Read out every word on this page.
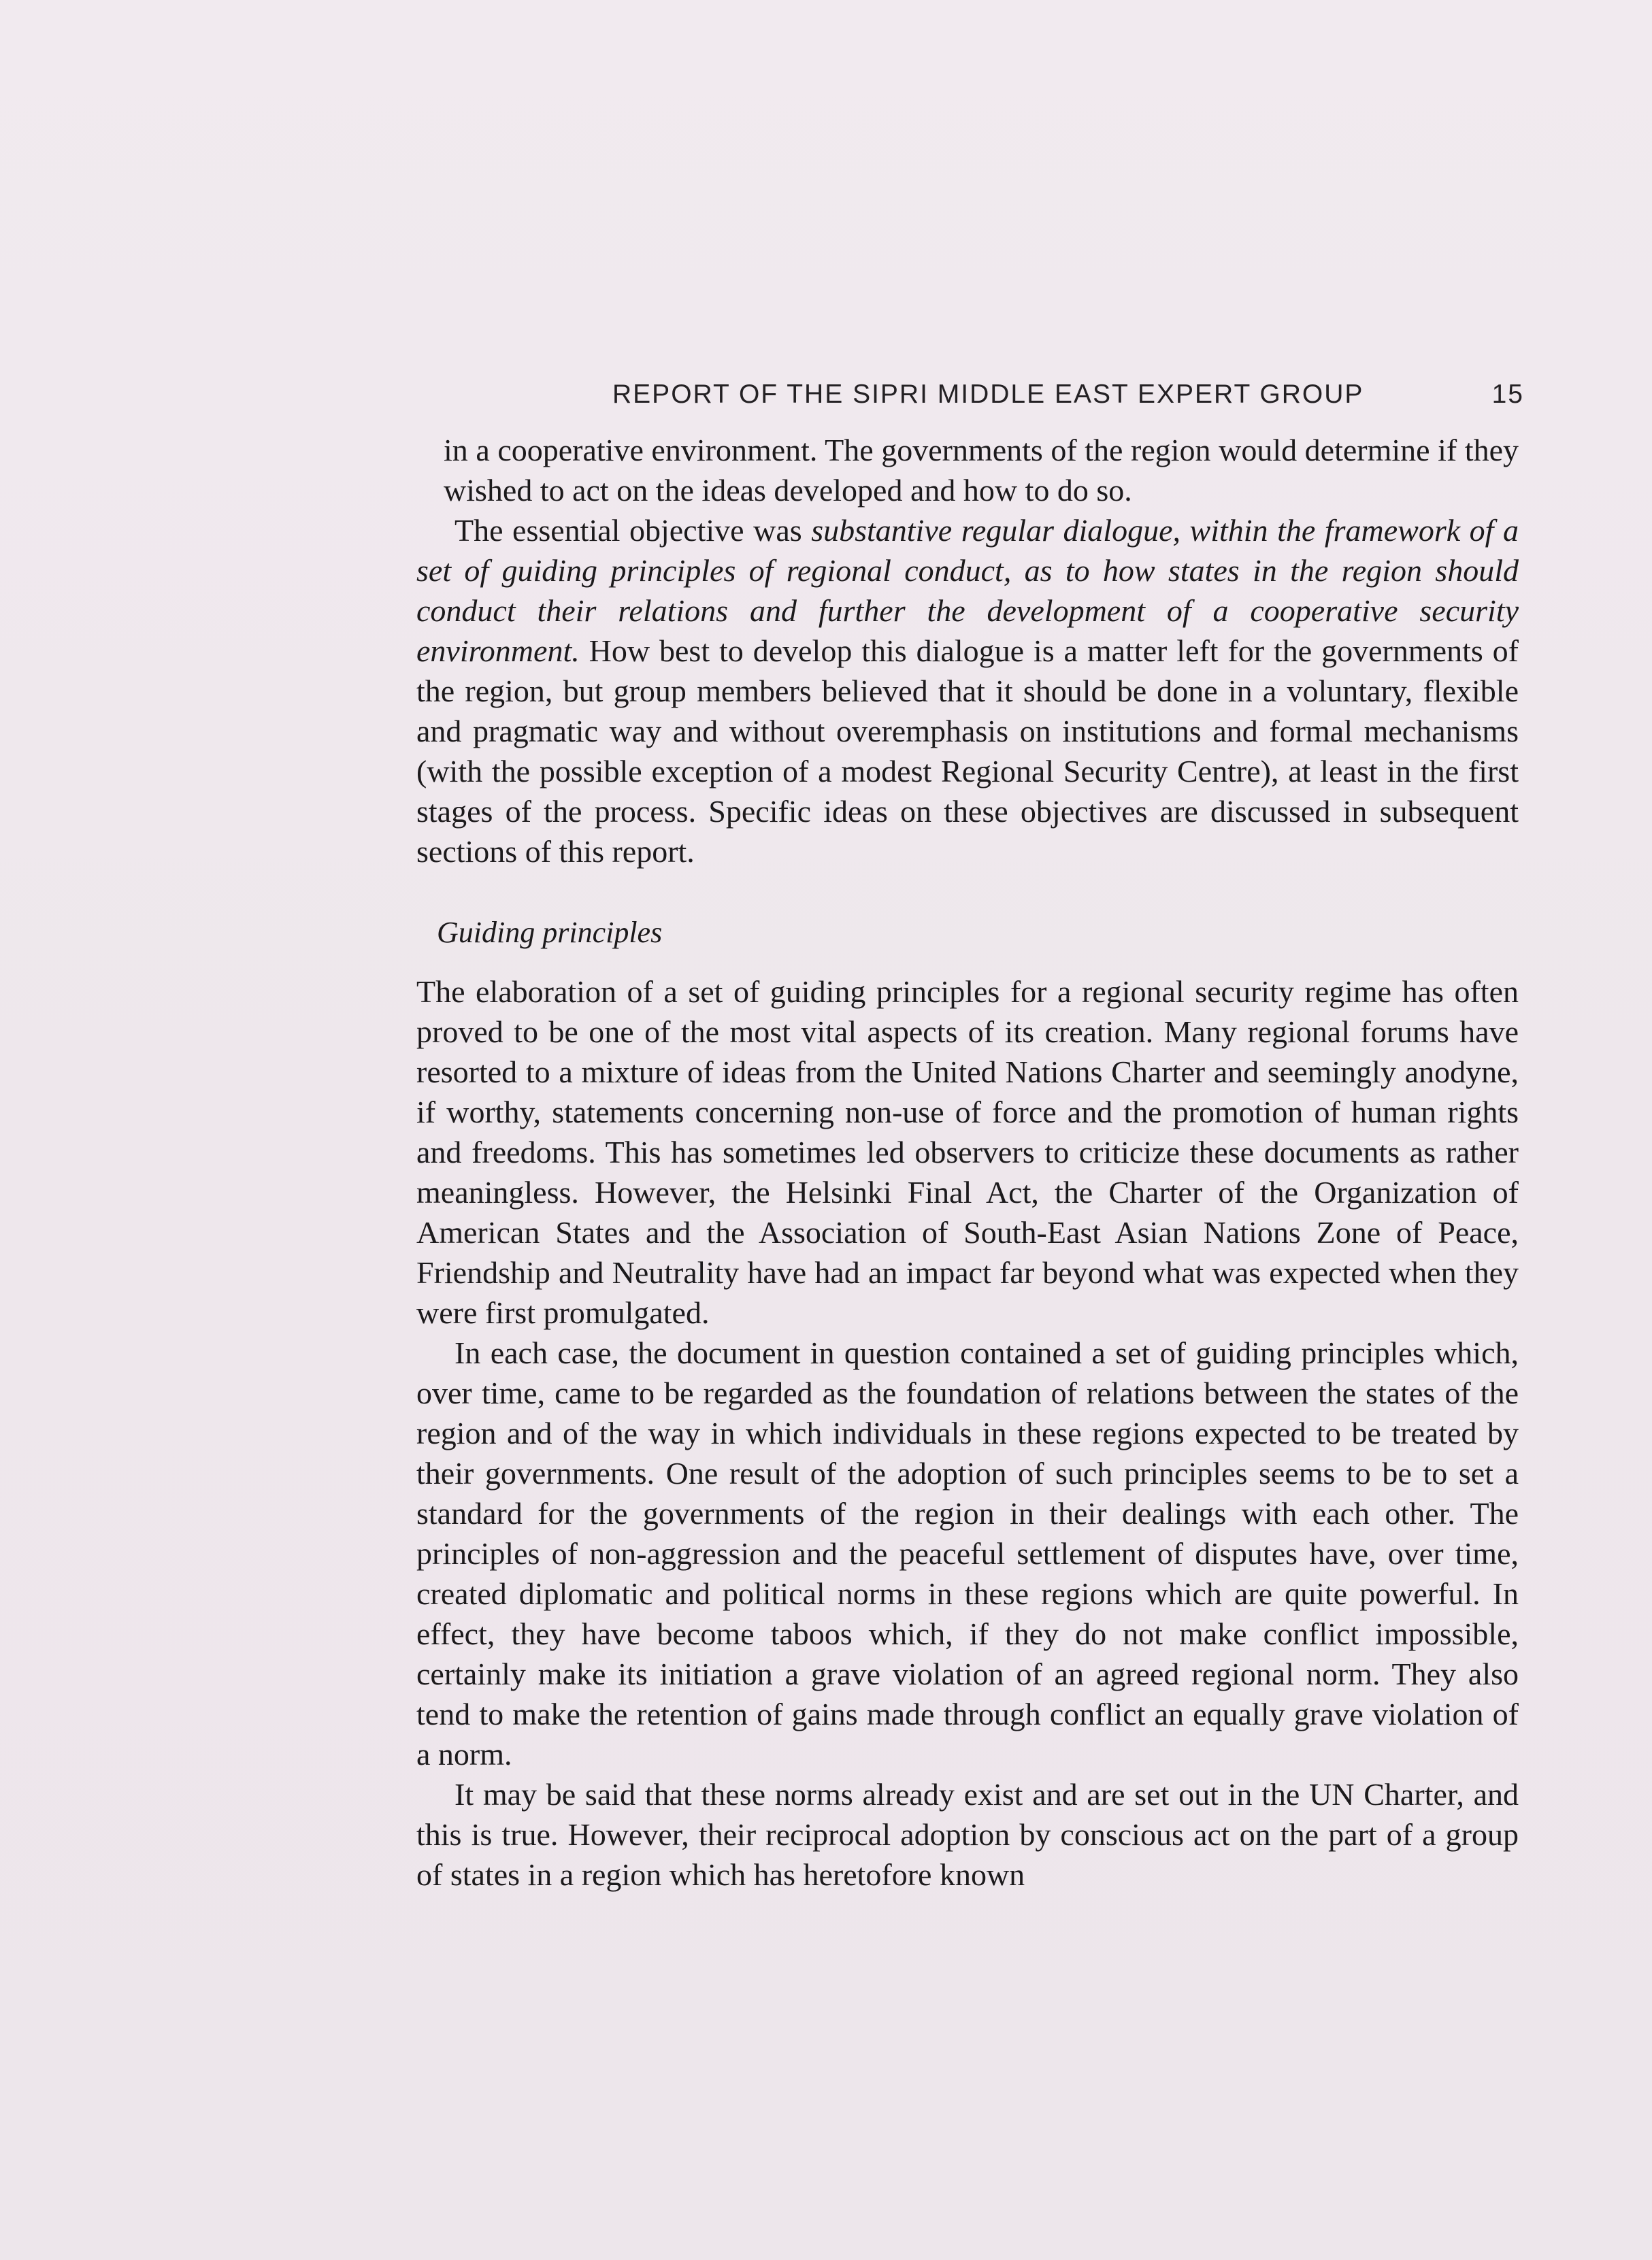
REPORT OF THE SIPRI MIDDLE EAST EXPERT GROUP	15

in a cooperative environment. The governments of the region would determine if they wished to act on the ideas developed and how to do so.

The essential objective was substantive regular dialogue, within the framework of a set of guiding principles of regional conduct, as to how states in the region should conduct their relations and further the development of a cooperative security environment. How best to develop this dialogue is a matter left for the governments of the region, but group members believed that it should be done in a voluntary, flexible and pragmatic way and without overemphasis on institutions and formal mechanisms (with the possible exception of a modest Regional Security Centre), at least in the first stages of the process. Specific ideas on these objectives are discussed in subsequent sections of this report.

Guiding principles

The elaboration of a set of guiding principles for a regional security regime has often proved to be one of the most vital aspects of its creation. Many regional forums have resorted to a mixture of ideas from the United Nations Charter and seemingly anodyne, if worthy, statements concerning non-use of force and the promotion of human rights and freedoms. This has sometimes led observers to criticize these documents as rather meaningless. However, the Helsinki Final Act, the Charter of the Organization of American States and the Association of South-East Asian Nations Zone of Peace, Friendship and Neutrality have had an impact far beyond what was expected when they were first promulgated.

In each case, the document in question contained a set of guiding principles which, over time, came to be regarded as the foundation of relations between the states of the region and of the way in which individuals in these regions expected to be treated by their governments. One result of the adoption of such principles seems to be to set a standard for the governments of the region in their dealings with each other. The principles of non-aggression and the peaceful settlement of disputes have, over time, created diplomatic and political norms in these regions which are quite powerful. In effect, they have become taboos which, if they do not make conflict impossible, certainly make its initiation a grave violation of an agreed regional norm. They also tend to make the retention of gains made through conflict an equally grave violation of a norm.

It may be said that these norms already exist and are set out in the UN Charter, and this is true. However, their reciprocal adoption by conscious act on the part of a group of states in a region which has heretofore known
